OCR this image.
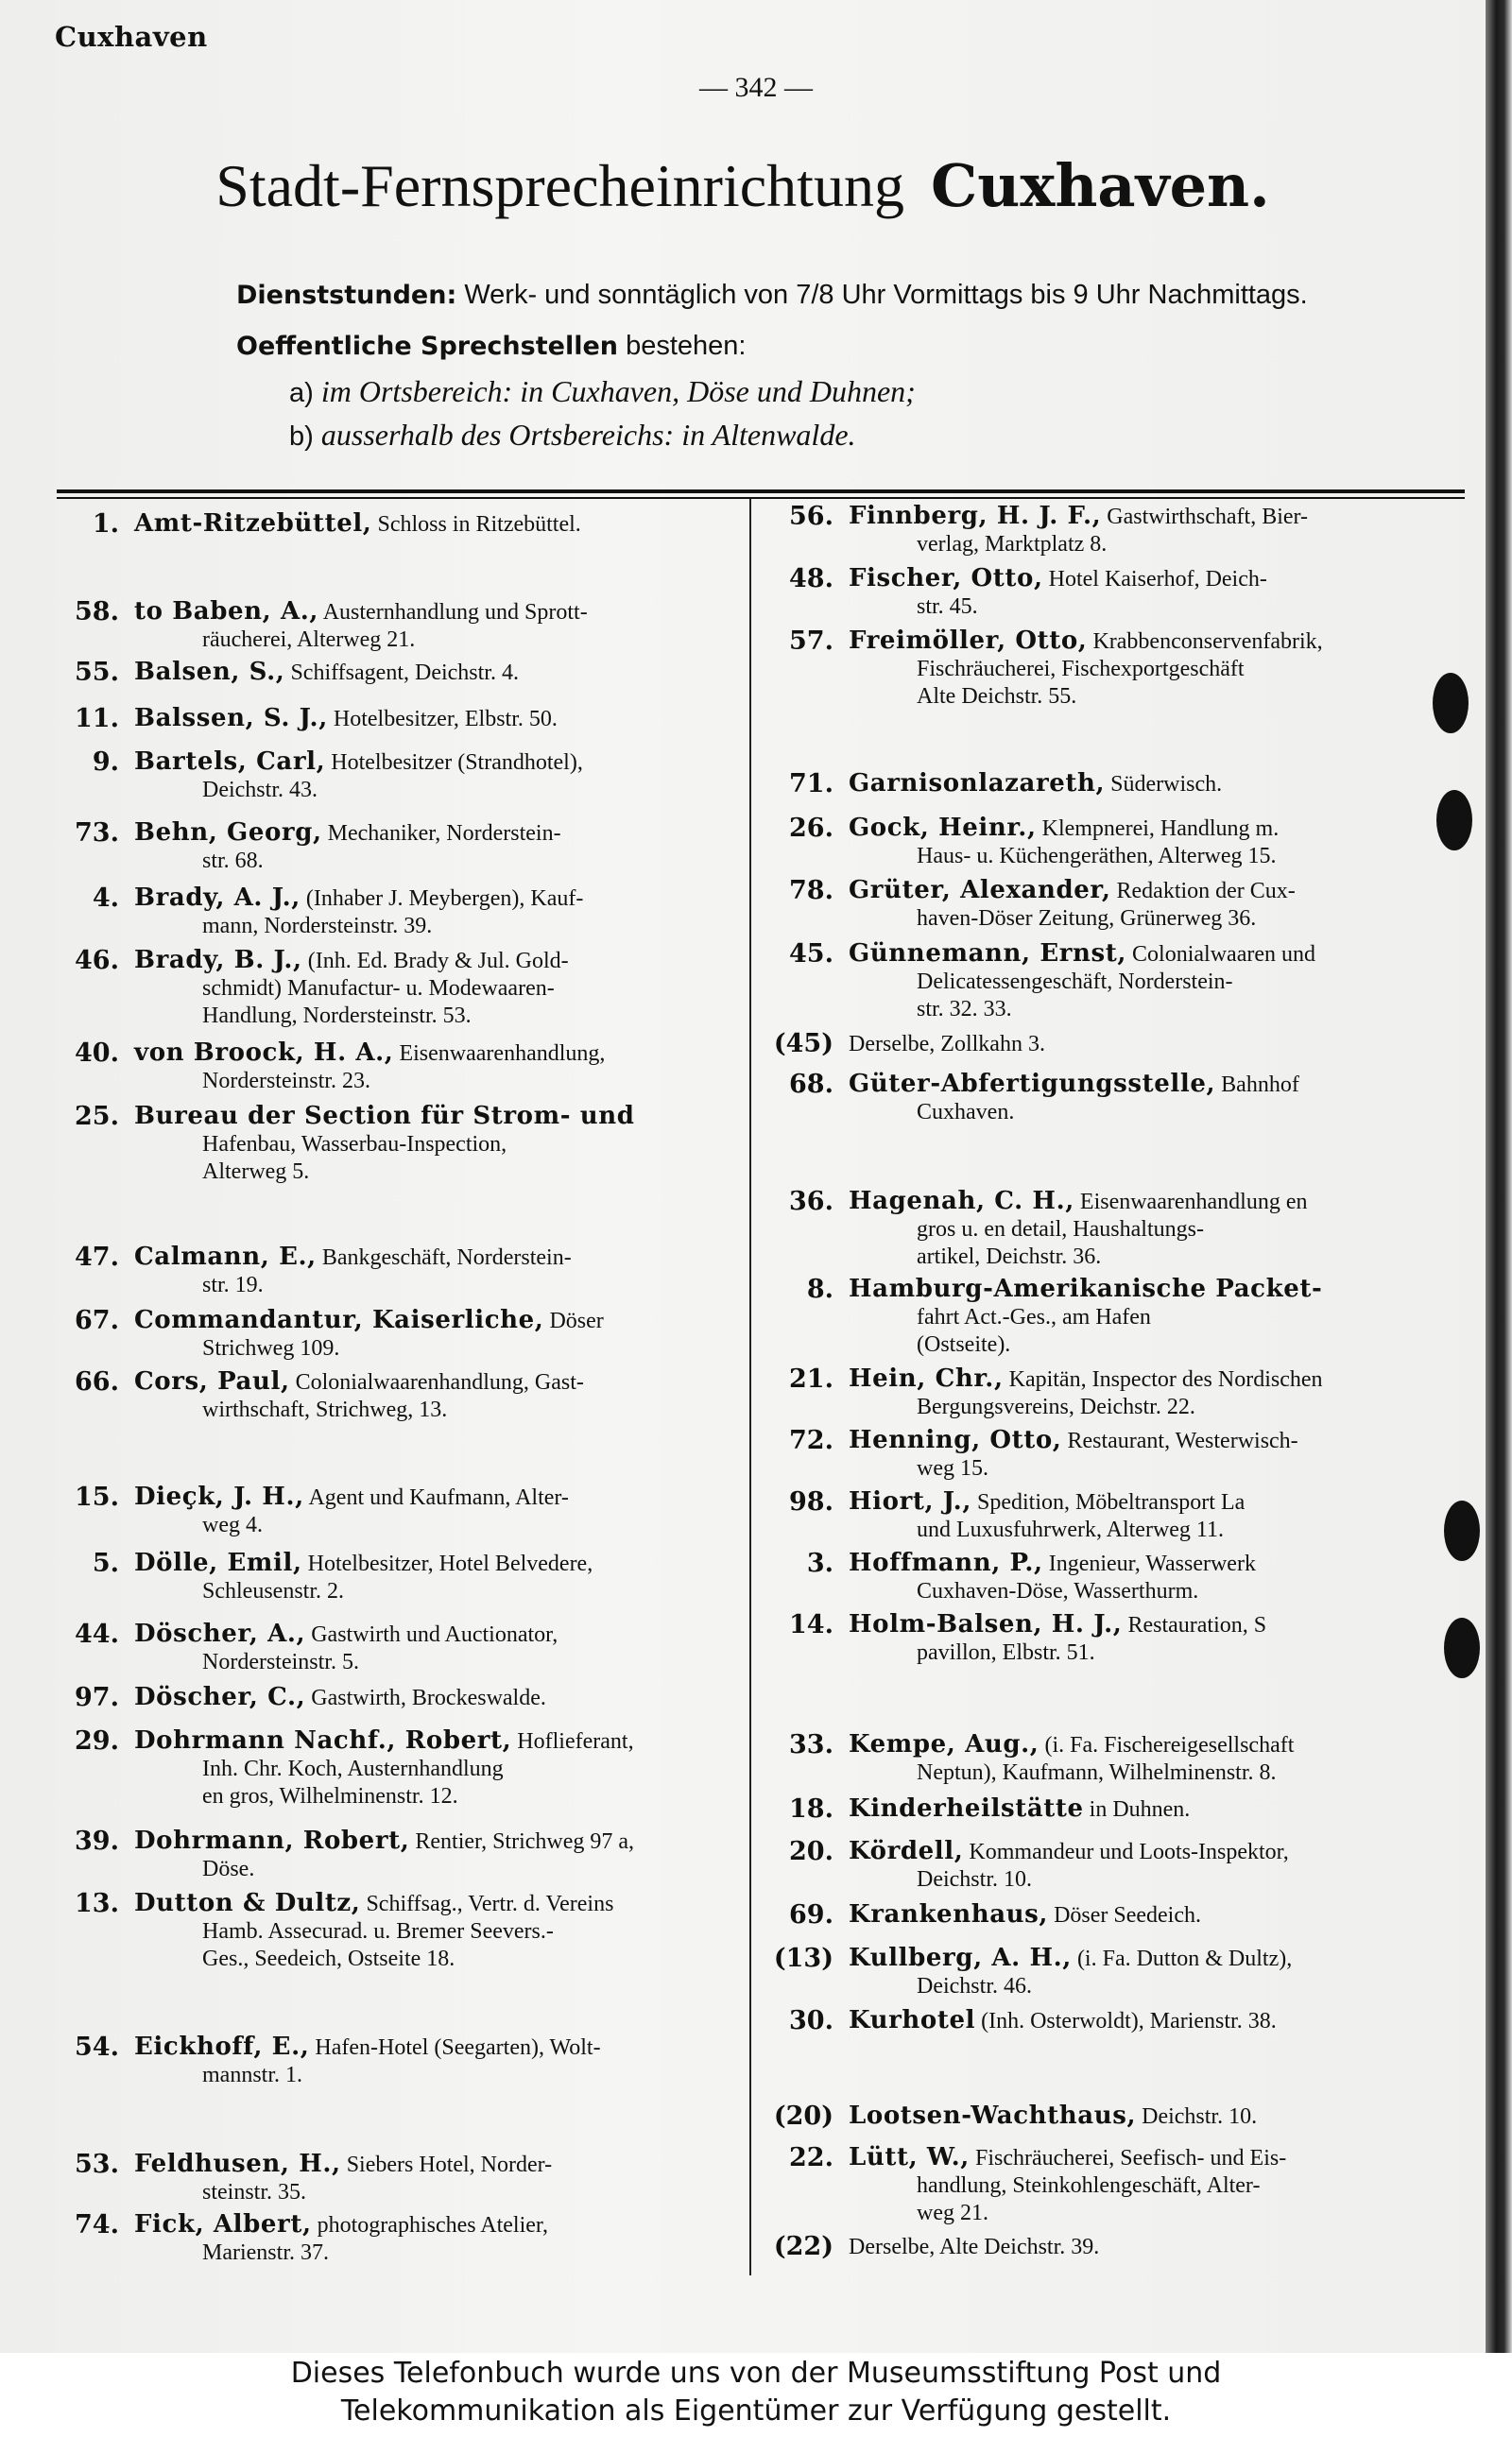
Cuxhaven
— 342 —
Stadt-Fernsprecheinrichtung Cuxhaven.
Dienststunden: Werk- und sonntäglich von 7/8 Uhr Vormittags bis 9 Uhr Nachmittags.
Oeffentliche Sprechstellen bestehen:
a) im Ortsbereich: in Cuxhaven, Döse und Duhnen;
b) ausserhalb des Ortsbereichs: in Altenwalde.
1. Amt-Ritzebüttel, Schloss in Ritzebüttel.
58. to Baben, A., Austernhandlung und Sprott-
räucherei, Alterweg 21.
55. Balsen, S., Schiffsagent, Deichstr. 4.
11. Balssen, S. J., Hotelbesitzer, Elbstr. 50.
9. Bartels, Carl, Hotelbesitzer (Strandhotel),
Deichstr. 43.
73. Behn, Georg, Mechaniker, Norderstein-
str. 68.
4. Brady, A. J., (Inhaber J. Meybergen), Kauf-
mann, Nordersteinstr. 39.
46. Brady, B. J., (Inh. Ed. Brady & Jul. Gold-
schmidt) Manufactur- u. Modewaaren-
Handlung, Nordersteinstr. 53.
40. von Broock, H. A., Eisenwaarenhandlung,
Nordersteinstr. 23.
25. Bureau der Section für Strom- und
Hafenbau, Wasserbau-Inspection,
Alterweg 5.
47. Calmann, E., Bankgeschäft, Norderstein-
str. 19.
67. Commandantur, Kaiserliche, Döser
Strichweg 109.
66. Cors, Paul, Colonialwaarenhandlung, Gast-
wirthschaft, Strichweg, 13.
15. Dieçk, J. H., Agent und Kaufmann, Alter-
weg 4.
5. Dölle, Emil, Hotelbesitzer, Hotel Belvedere,
Schleusenstr. 2.
44. Döscher, A., Gastwirth und Auctionator,
Nordersteinstr. 5.
97. Döscher, C., Gastwirth, Brockeswalde.
29. Dohrmann Nachf., Robert, Hoflieferant,
Inh. Chr. Koch, Austernhandlung
en gros, Wilhelminenstr. 12.
39. Dohrmann, Robert, Rentier, Strichweg 97 a,
Döse.
13. Dutton & Dultz, Schiffsag., Vertr. d. Vereins
Hamb. Assecurad. u. Bremer Seevers.-
Ges., Seedeich, Ostseite 18.
54. Eickhoff, E., Hafen-Hotel (Seegarten), Wolt-
mannstr. 1.
53. Feldhusen, H., Siebers Hotel, Norder-
steinstr. 35.
74. Fick, Albert, photographisches Atelier,
Marienstr. 37.
56. Finnberg, H. J. F., Gastwirthschaft, Bier-
verlag, Marktplatz 8.
48. Fischer, Otto, Hotel Kaiserhof, Deich-
str. 45.
57. Freimöller, Otto, Krabbenconservenfabrik,
Fischräucherei, Fischexportgeschäft
Alte Deichstr. 55.
71. Garnisonlazareth, Süderwisch.
26. Gock, Heinr., Klempnerei, Handlung m.
Haus- u. Küchengeräthen, Alterweg 15.
78. Grüter, Alexander, Redaktion der Cux-
haven-Döser Zeitung, Grünerweg 36.
45. Günnemann, Ernst, Colonialwaaren und
Delicatessengeschäft, Norderstein-
str. 32. 33.
(45) Derselbe, Zollkahn 3.
68. Güter-Abfertigungsstelle, Bahnhof
Cuxhaven.
36. Hagenah, C. H., Eisenwaarenhandlung en
gros u. en detail, Haushaltungs-
artikel, Deichstr. 36.
8. Hamburg-Amerikanische Packet-
fahrt Act.-Ges., am Hafen
(Ostseite).
21. Hein, Chr., Kapitän, Inspector des Nordischen
Bergungsvereins, Deichstr. 22.
72. Henning, Otto, Restaurant, Westerwisch-
weg 15.
98. Hiort, J., Spedition, Möbeltransport La
und Luxusfuhrwerk, Alterweg 11.
3. Hoffmann, P., Ingenieur, Wasserwerk
Cuxhaven-Döse, Wasserthurm.
14. Holm-Balsen, H. J., Restauration, S
pavillon, Elbstr. 51.
33. Kempe, Aug., (i. Fa. Fischereigesellschaft
Neptun), Kaufmann, Wilhelminenstr. 8.
18. Kinderheilstätte in Duhnen.
20. Kördell, Kommandeur und Loots-Inspektor,
Deichstr. 10.
69. Krankenhaus, Döser Seedeich.
(13) Kullberg, A. H., (i. Fa. Dutton & Dultz),
Deichstr. 46.
30. Kurhotel (Inh. Osterwoldt), Marienstr. 38.
(20) Lootsen-Wachthaus, Deichstr. 10.
22. Lütt, W., Fischräucherei, Seefisch- und Eis-
handlung, Steinkohlengeschäft, Alter-
weg 21.
(22) Derselbe, Alte Deichstr. 39.
Dieses Telefonbuch wurde uns von der Museumsstiftung Post und
Telekommunikation als Eigentümer zur Verfügung gestellt.
